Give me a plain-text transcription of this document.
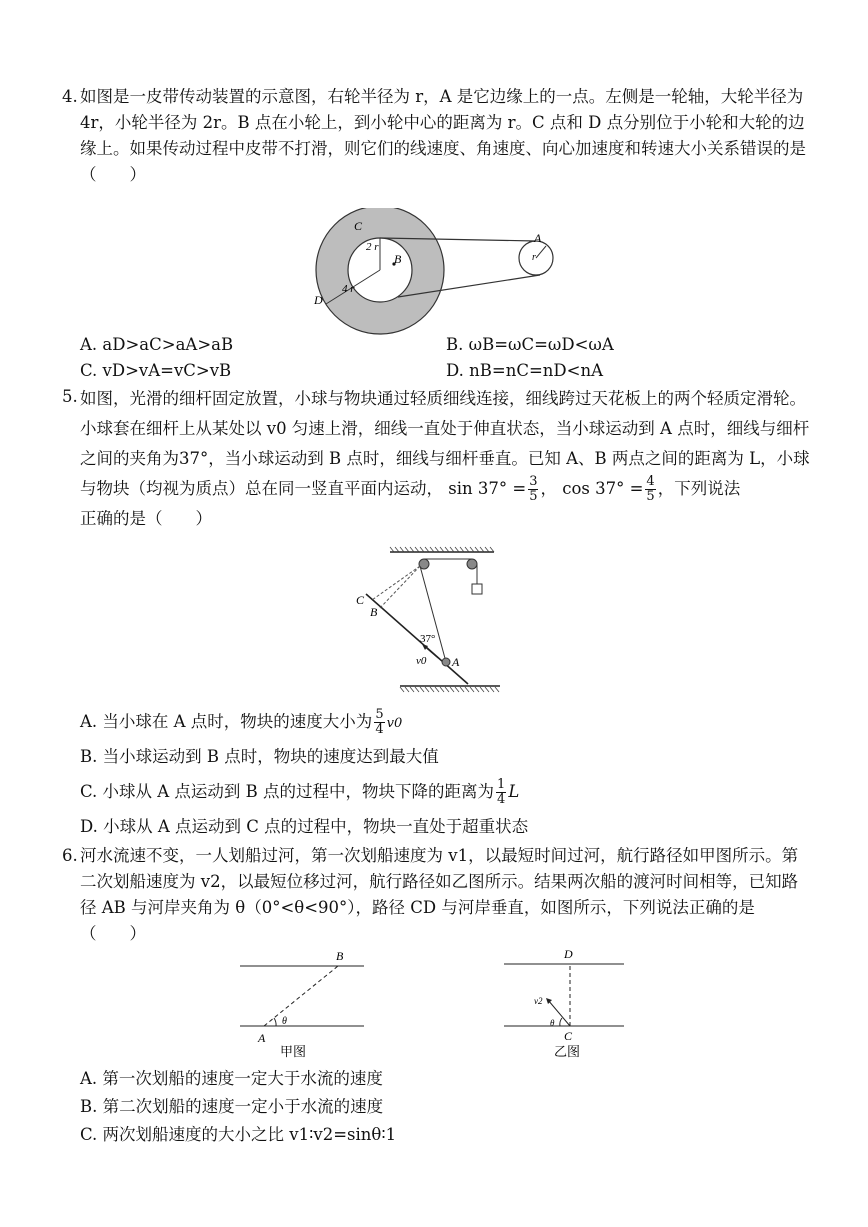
4. 如图是一皮带传动装置的示意图，右轮半径为 r，A 是它边缘上的一点。左侧是一轮轴，大轮半径为 4r，小轮半径为 2r。B 点在小轮上，到小轮中心的距离为 r。C 点和 D 点分别位于小轮和大轮的边缘上。如果传动过程中皮带不打滑，则它们的线速度、角速度、向心加速度和转速大小关系错误的是（　　）
C
2 r
B
4 r
D
A
r
A. aD>aC>aA>aB	B. ωB=ωC=ωD<ωA
C. vD>vA=vC>vB	D. nB=nC=nD<nA
5. 如图，光滑的细杆固定放置，小球与物块通过轻质细线连接，细线跨过天花板上的两个轻质定滑轮。小球套在细杆上从某处以 v0 匀速上滑，细线一直处于伸直状态，当小球运动到 A 点时，细线与细杆之间的夹角为37°，当小球运动到 B 点时，细线与细杆垂直。已知 A、B 两点之间的距离为 L，小球与物块（均视为质点）总在同一竖直平面内运动， $\sin 37^\circ = \frac{3}{5}$ ， $\cos 37^\circ = \frac{4}{5}$ ，下列说法
正确的是（　　）
C
B
37°
v0 A
A. 当小球在 A 点时，物块的速度大小为 $\frac{5}{4} v0$
B. 当小球运动到 B 点时，物块的速度达到最大值
C. 小球从 A 点运动到 B 点的过程中，物块下降的距离为 $\frac{1}{4}$ L
D. 小球从 A 点运动到 C 点的过程中，物块一直处于超重状态
6. 河水流速不变，一人划船过河，第一次划船速度为 v1，以最短时间过河，航行路径如甲图所示。第二次划船速度为 v2，以最短位移过河，航行路径如乙图所示。结果两次船的渡河时间相等，已知路径 AB 与河岸夹角为 θ（0°<θ<90°），路径 CD 与河岸垂直，如图所示，下列说法正确的是（　　）
B
θ
A
甲图
D
v2
θ
C
乙图
A. 第一次划船的速度一定大于水流的速度
B. 第二次划船的速度一定小于水流的速度
C. 两次划船速度的大小之比 v1∶v2=sinθ∶1
